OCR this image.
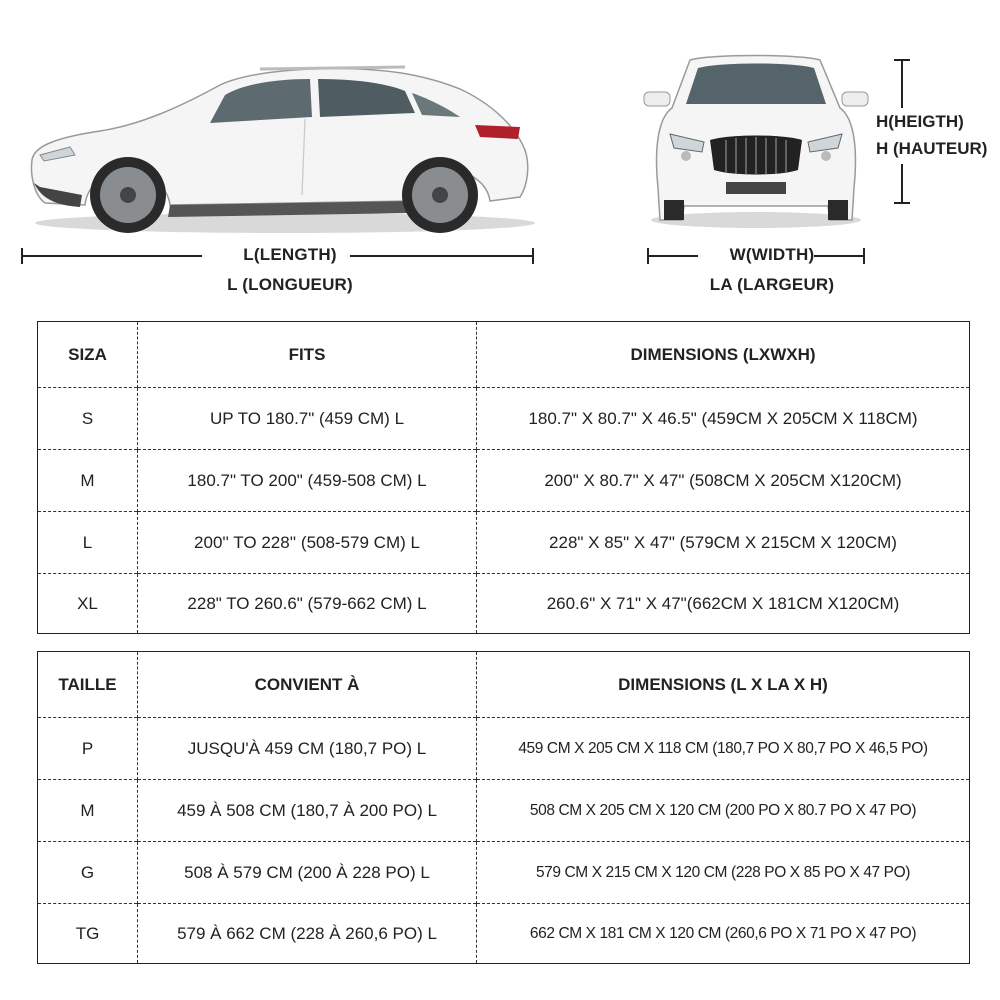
L(LENGTH)
L (LONGUEUR)
W(WIDTH)
LA (LARGEUR)
H(HEIGTH)
H (HAUTEUR)
SIZA	FITS	DIMENSIONS (LXWXH)
S	UP TO 180.7" (459 CM) L	180.7" X 80.7" X 46.5" (459CM X 205CM X 118CM)
M	180.7" TO 200" (459-508 CM) L	200" X 80.7" X 47" (508CM X 205CM X120CM)
L	200'' TO 228'' (508-579 CM) L	228" X 85" X 47" (579CM X 215CM X 120CM)
XL	228" TO 260.6" (579-662 CM) L	260.6" X 71" X 47"(662CM X 181CM X120CM)
TAILLE	CONVIENT À	DIMENSIONS (L X LA X H)
P	JUSQU'À 459 CM (180,7 PO) L	459 CM X 205 CM X 118 CM (180,7 PO X 80,7 PO X 46,5 PO)
M	459 À 508 CM (180,7 À 200 PO) L	508 CM X 205 CM X 120 CM (200 PO X 80.7 PO X 47 PO)
G	508 À 579 CM (200 À 228 PO) L	579 CM X 215 CM X 120 CM (228 PO X 85 PO X 47 PO)
TG	579 À 662 CM (228 À 260,6 PO) L	662 CM X 181 CM X 120 CM (260,6 PO X 71 PO X 47 PO)
